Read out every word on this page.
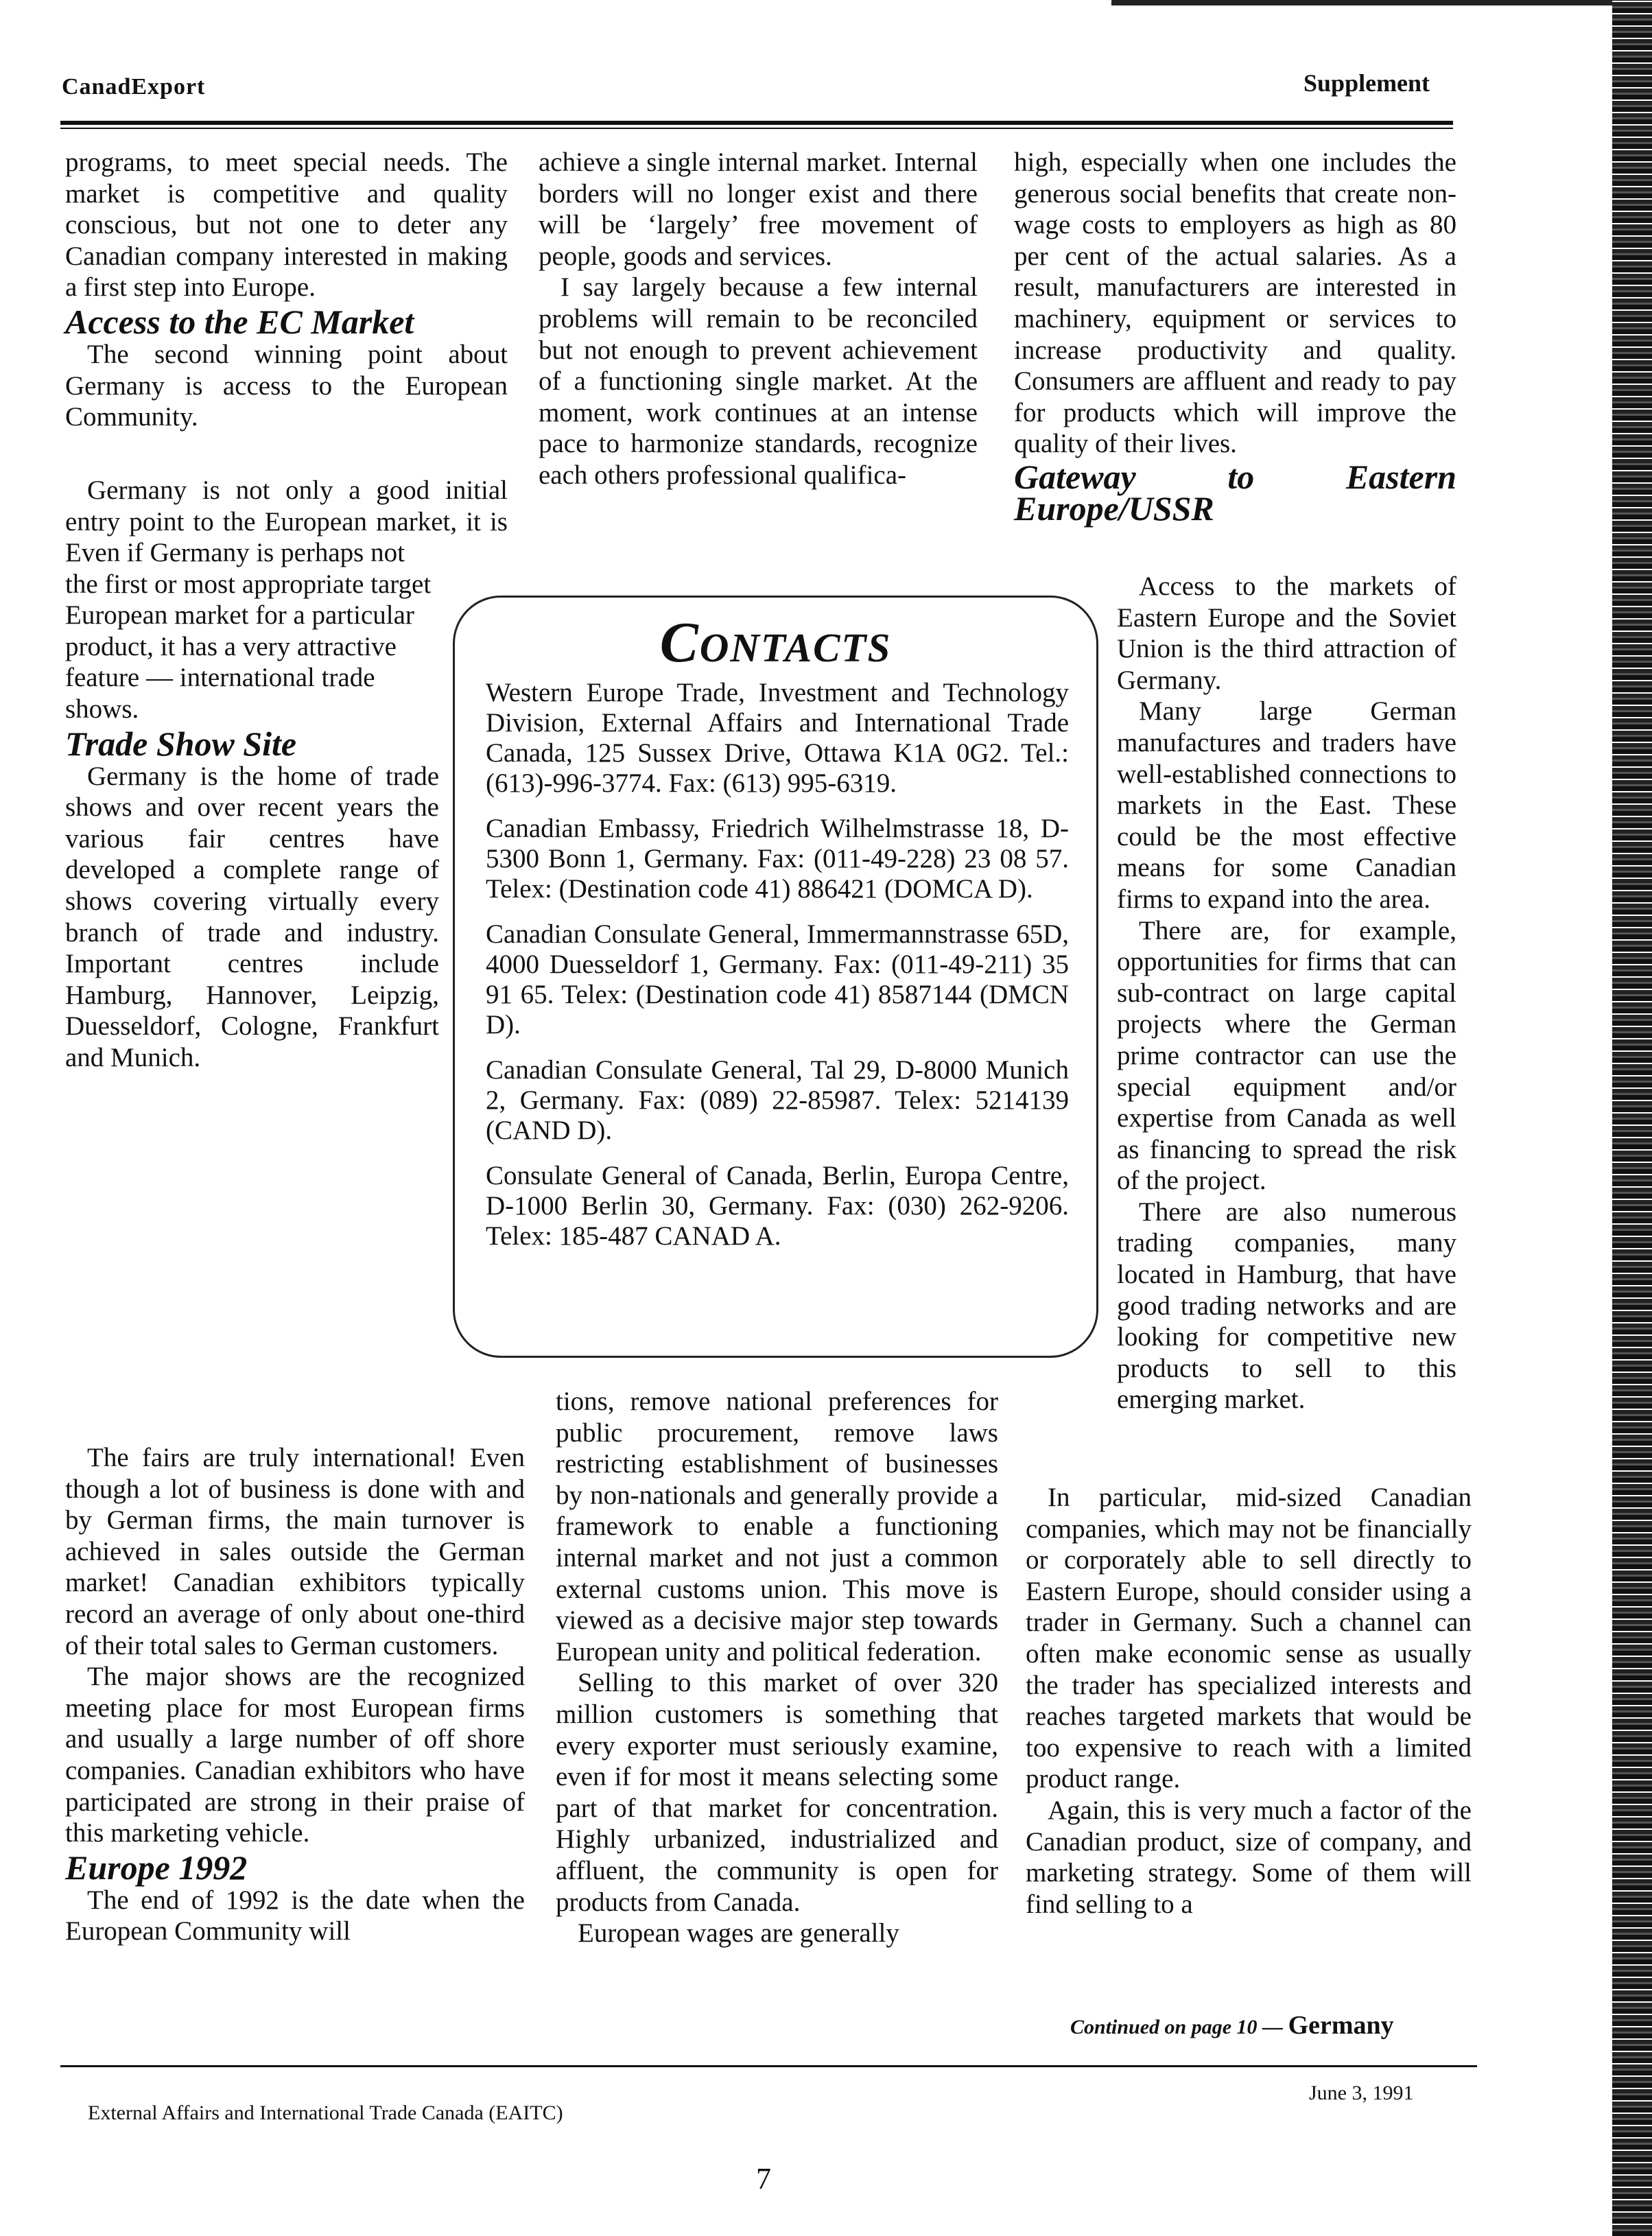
CanadExport	Supplement

programs, to meet special needs. The market is competitive and quality conscious, but not one to deter any Canadian company interested in making a first step into Europe.

Access to the EC Market

The second winning point about Germany is access to the European Community.

Germany is not only a good initial entry point to the European market, it is

Even if Germany is perhaps not the first or most appropriate target European market for a particular product, it has a very attractive feature — international trade shows.

Trade Show Site

Germany is the home of trade shows and over recent years the various fair centres have developed a complete range of shows covering virtually every branch of trade and industry. Important centres include Hamburg, Hannover, Leipzig, Duesseldorf, Cologne, Frankfurt and Munich.

The fairs are truly international! Even though a lot of business is done with and by German firms, the main turnover is achieved in sales outside the German market! Canadian exhibitors typically record an average of only about one-third of their total sales to German customers.

The major shows are the recognized meeting place for most European firms and usually a large number of off shore companies. Canadian exhibitors who have participated are strong in their praise of this marketing vehicle.

Europe 1992

The end of 1992 is the date when the European Community will

achieve a single internal market. Internal borders will no longer exist and there will be ‘largely’ free movement of people, goods and services.

I say largely because a few internal problems will remain to be reconciled but not enough to prevent achievement of a functioning single market. At the moment, work continues at an intense pace to harmonize standards, recognize each others professional qualifica-

tions, remove national preferences for public procurement, remove laws restricting establishment of businesses by non-nationals and generally provide a framework to enable a functioning internal market and not just a common external customs union. This move is viewed as a decisive major step towards European unity and political federation.

Selling to this market of over 320 million customers is something that every exporter must seriously examine, even if for most it means selecting some part of that market for concentration. Highly urbanized, industrialized and affluent, the community is open for products from Canada.

European wages are generally

high, especially when one includes the generous social benefits that create non-wage costs to employers as high as 80 per cent of the actual salaries. As a result, manufacturers are interested in machinery, equipment or services to increase productivity and quality. Consumers are affluent and ready to pay for products which will improve the quality of their lives.

Gateway to Eastern Europe/USSR

Access to the markets of Eastern Europe and the Soviet Union is the third attraction of Germany.

Many large German manufactures and traders have well-established connections to markets in the East. These could be the most effective means for some Canadian firms to expand into the area.

There are, for example, opportunities for firms that can sub-contract on large capital projects where the German prime contractor can use the special equipment and/or expertise from Canada as well as financing to spread the risk of the project.

There are also numerous trading companies, many located in Hamburg, that have good trading networks and are looking for competitive new products to sell to this emerging market.

In particular, mid-sized Canadian companies, which may not be financially or corporately able to sell directly to Eastern Europe, should consider using a trader in Germany. Such a channel can often make economic sense as usually the trader has specialized interests and reaches targeted markets that would be too expensive to reach with a limited product range.

Again, this is very much a factor of the Canadian product, size of company, and marketing strategy. Some of them will find selling to a

Contacts

Western Europe Trade, Investment and Technology Division, External Affairs and International Trade Canada, 125 Sussex Drive, Ottawa K1A 0G2. Tel.: (613)-996-3774. Fax: (613) 995-6319.

Canadian Embassy, Friedrich Wilhelmstrasse 18, D-5300 Bonn 1, Germany. Fax: (011-49-228) 23 08 57. Telex: (Destination code 41) 886421 (DOMCA D).

Canadian Consulate General, Immermannstrasse 65D, 4000 Duesseldorf 1, Germany. Fax: (011-49-211) 35 91 65. Telex: (Destination code 41) 8587144 (DMCN D).

Canadian Consulate General, Tal 29, D-8000 Munich 2, Germany. Fax: (089) 22-85987. Telex: 5214139 (CAND D).

Consulate General of Canada, Berlin, Europa Centre, D-1000 Berlin 30, Germany. Fax: (030) 262-9206. Telex: 185-487 CANAD A.

Continued on page 10 — Germany
External Affairs and International Trade Canada (EAITC)
June 3, 1991
7
